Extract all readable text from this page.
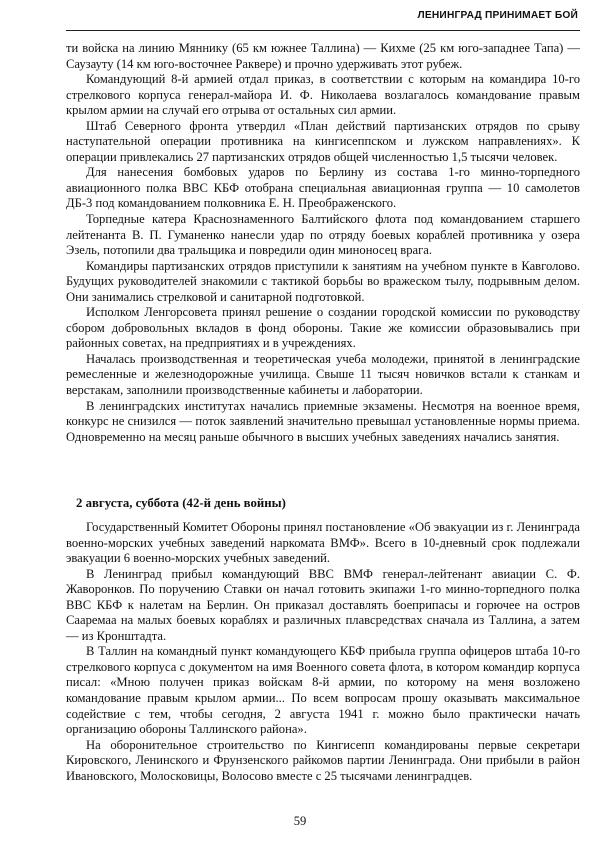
ЛЕНИНГРАД ПРИНИМАЕТ БОЙ

ти войска на линию Мяннику (65 км южнее Таллина) — Кихме (25 км юго-западнее Тапа) — Саузауту (14 км юго-восточнее Раквере) и прочно удерживать этот рубеж.

Командующий 8-й армией отдал приказ, в соответствии с которым на командира 10-го стрелкового корпуса генерал-майора И. Ф. Николаева возлагалось командование правым крылом армии на случай его отрыва от остальных сил армии.

Штаб Северного фронта утвердил «План действий партизанских отрядов по срыву наступательной операции противника на кингисеппском и лужском направлениях». К операции привлекались 27 партизанских отрядов общей численностью 1,5 тысячи человек.

Для нанесения бомбовых ударов по Берлину из состава 1-го минно-торпедного авиационного полка ВВС КБФ отобрана специальная авиационная группа — 10 самолетов ДБ-3 под командованием полковника Е. Н. Преображенского.

Торпедные катера Краснознаменного Балтийского флота под командованием старшего лейтенанта В. П. Гуманенко нанесли удар по отряду боевых кораблей противника у озера Эзель, потопили два тральщика и повредили один миноносец врага.

Командиры партизанских отрядов приступили к занятиям на учебном пункте в Кавголово. Будущих руководителей знакомили с тактикой борьбы во вражеском тылу, подрывным делом. Они занимались стрелковой и санитарной подготовкой.

Исполком Ленгорсовета принял решение о создании городской комиссии по руководству сбором добровольных вкладов в фонд обороны. Такие же комиссии образовывались при районных советах, на предприятиях и в учреждениях.

Началась производственная и теоретическая учеба молодежи, принятой в ленинградские ремесленные и железнодорожные училища. Свыше 11 тысяч новичков встали к станкам и верстакам, заполнили производственные кабинеты и лаборатории.

В ленинградских институтах начались приемные экзамены. Несмотря на военное время, конкурс не снизился — поток заявлений значительно превышал установленные нормы приема. Одновременно на месяц раньше обычного в высших учебных заведениях начались занятия.

2 августа, суббота (42-й день войны)

Государственный Комитет Обороны принял постановление «Об эвакуации из г. Ленинграда военно-морских учебных заведений наркомата ВМФ». Всего в 10-дневный срок подлежали эвакуации 6 военно-морских учебных заведений.

В Ленинград прибыл командующий ВВС ВМФ генерал-лейтенант авиации С. Ф. Жаворонков. По поручению Ставки он начал готовить экипажи 1-го минно-торпедного полка ВВС КБФ к налетам на Берлин. Он приказал доставлять боеприпасы и горючее на остров Сааремаа на малых боевых кораблях и различных плавсредствах сначала из Таллина, а затем — из Кронштадта.

В Таллин на командный пункт командующего КБФ прибыла группа офицеров штаба 10-го стрелкового корпуса с документом на имя Военного совета флота, в котором командир корпуса писал: «Мною получен приказ войскам 8-й армии, по которому на меня возложено командование правым крылом армии... По всем вопросам прошу оказывать максимальное содействие с тем, чтобы сегодня, 2 августа 1941 г. можно было практически начать организацию обороны Таллинского района».

На оборонительное строительство по Кингисепп командированы первые секретари Кировского, Ленинского и Фрунзенского райкомов партии Ленинграда. Они прибыли в район Ивановского, Молосковицы, Волосово вместе с 25 тысячами ленинградцев.

59
